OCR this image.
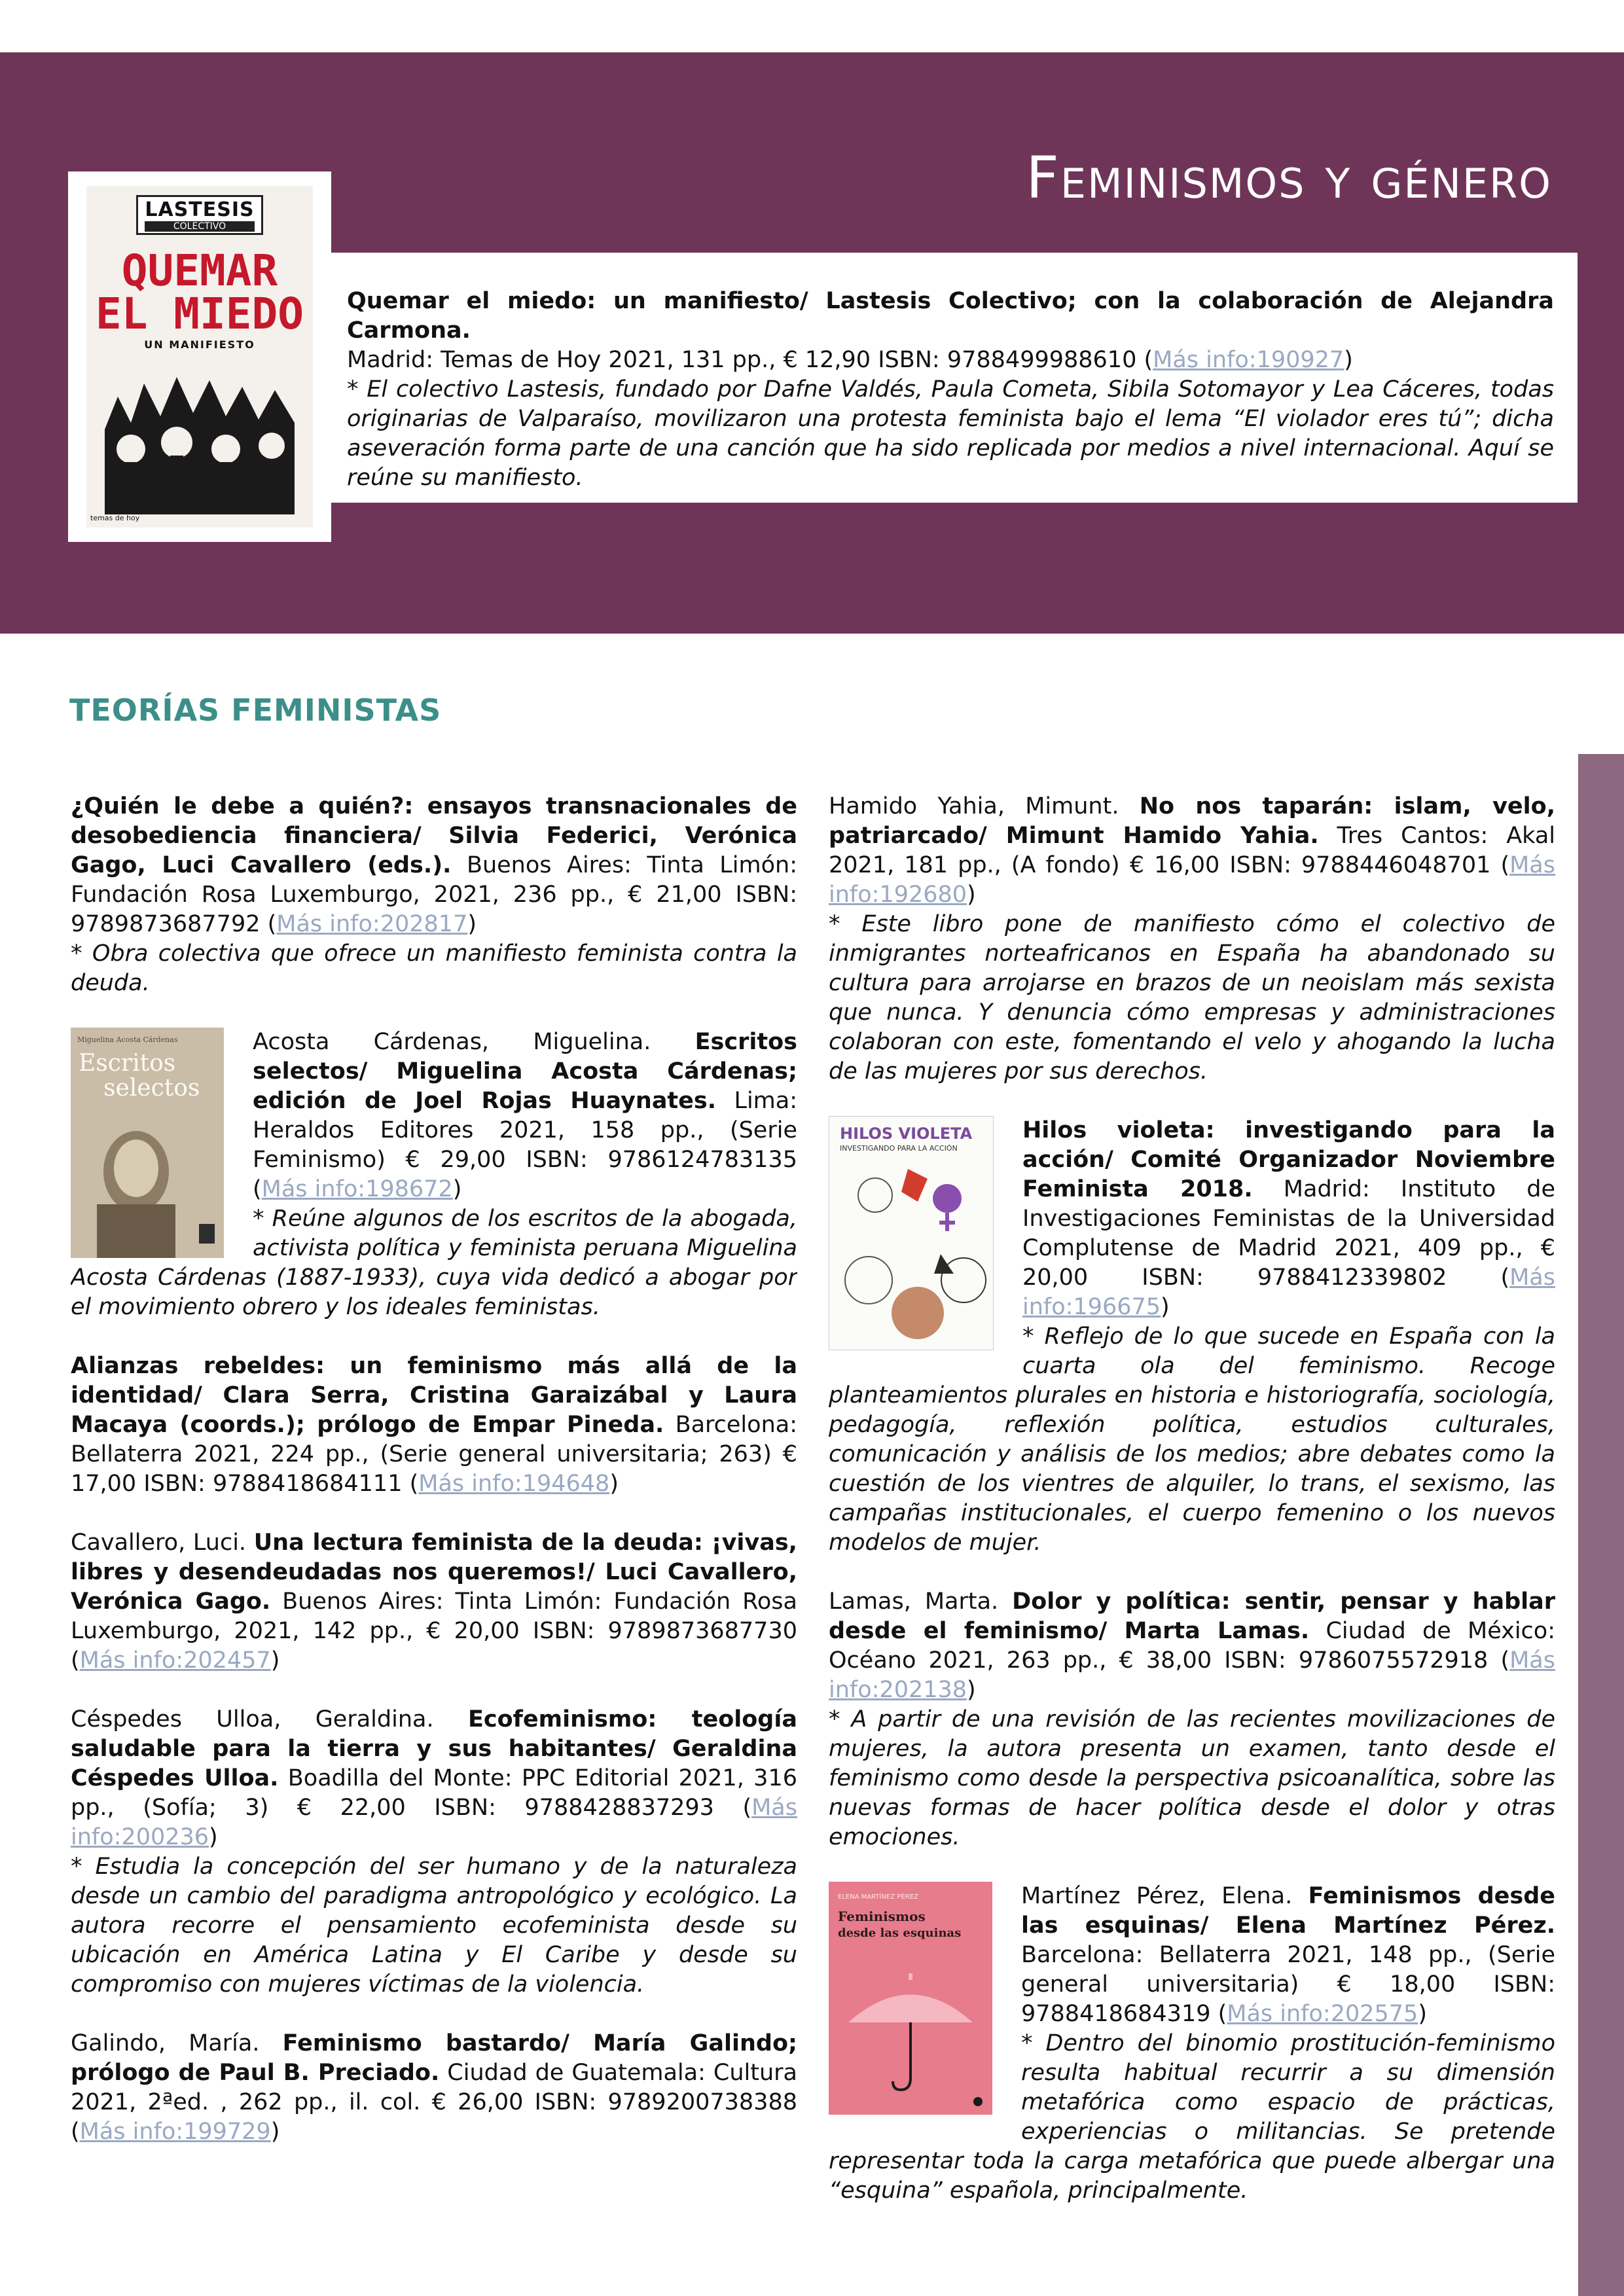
Feminismos y género
LASTESIS
COLECTIVO
QUEMAR
EL MIEDO
UN MANIFIESTO
temas de hoy

Quemar el miedo: un manifiesto/ Lastesis Colectivo; con la colaboración de Alejandra Carmona.
Madrid: Temas de Hoy 2021, 131 pp., € 12,90 ISBN: 9788499988610 (Más info:190927)

* El colectivo Lastesis, fundado por Dafne Valdés, Paula Cometa, Sibila Sotomayor y Lea Cáceres, todas originarias de Valparaíso, movilizaron una protesta feminista bajo el lema “El violador eres tú”; dicha aseveración forma parte de una canción que ha sido replicada por medios a nivel internacional. Aquí se reúne su manifiesto.

TEORÍAS FEMINISTAS

¿Quién le debe a quién?: ensayos transnacionales de desobediencia financiera/ Silvia Federici, Verónica Gago, Luci Cavallero (eds.). Buenos Aires: Tinta Limón: Fundación Rosa Luxemburgo, 2021, 236 pp., € 21,00 ISBN: 9789873687792 (Más info:202817)

* Obra colectiva que ofrece un manifiesto feminista contra la deuda.

Miguelina Acosta Cárdenas
Escritos
selectos

Acosta Cárdenas, Miguelina. Escritos selectos/ Miguelina Acosta Cárdenas; edición de Joel Rojas Huaynates. Lima: Heraldos Editores 2021, 158 pp., (Serie Feminismo) € 29,00 ISBN: 9786124783135 (Más info:198672)

* Reúne algunos de los escritos de la abogada, activista política y feminista peruana Miguelina Acosta Cárdenas (1887-1933), cuya vida dedicó a abogar por el movimiento obrero y los ideales feministas.

Alianzas rebeldes: un feminismo más allá de la identidad/ Clara Serra, Cristina Garaizábal y Laura Macaya (coords.); prólogo de Empar Pineda. Barcelona: Bellaterra 2021, 224 pp., (Serie general universitaria; 263) € 17,00 ISBN: 9788418684111 (Más info:194648)

Cavallero, Luci. Una lectura feminista de la deuda: ¡vivas, libres y desendeudadas nos queremos!/ Luci Cavallero, Verónica Gago. Buenos Aires: Tinta Limón: Fundación Rosa Luxemburgo, 2021, 142 pp., € 20,00 ISBN: 9789873687730 (Más info:202457)

Céspedes Ulloa, Geraldina. Ecofeminismo: teología saludable para la tierra y sus habitantes/ Geraldina Céspedes Ulloa. Boadilla del Monte: PPC Editorial 2021, 316 pp., (Sofía; 3) € 22,00 ISBN: 9788428837293 (Más info:200236)

* Estudia la concepción del ser humano y de la naturaleza desde un cambio del paradigma antropológico y ecológico. La autora recorre el pensamiento ecofeminista desde su ubicación en América Latina y El Caribe y desde su compromiso con mujeres víctimas de la violencia.

Galindo, María. Feminismo bastardo/ María Galindo; prólogo de Paul B. Preciado. Ciudad de Guatemala: Cultura 2021, 2ªed. , 262 pp., il. col. € 26,00 ISBN: 9789200738388 (Más info:199729)

Hamido Yahia, Mimunt. No nos taparán: islam, velo, patriarcado/ Mimunt Hamido Yahia. Tres Cantos: Akal 2021, 181 pp., (A fondo) € 16,00 ISBN: 9788446048701 (Más info:192680)

* Este libro pone de manifiesto cómo el colectivo de inmigrantes norteafricanos en España ha abandonado su cultura para arrojarse en brazos de un neoislam más sexista que nunca. Y denuncia cómo empresas y administraciones colaboran con este, fomentando el velo y ahogando la lucha de las mujeres por sus derechos.

HILOS VIOLETA
INVESTIGANDO PARA LA ACCIÓN

Hilos violeta: investigando para la acción/ Comité Organizador Noviembre Feminista 2018. Madrid: Instituto de Investigaciones Feministas de la Universidad Complutense de Madrid 2021, 409 pp., € 20,00 ISBN: 9788412339802 (Más info:196675)

* Reflejo de lo que sucede en España con la cuarta ola del feminismo. Recoge planteamientos plurales en historia e historiografía, sociología, pedagogía, reflexión política, estudios culturales, comunicación y análisis de los medios; abre debates como la cuestión de los vientres de alquiler, lo trans, el sexismo, las campañas institucionales, el cuerpo femenino o los nuevos modelos de mujer.

Lamas, Marta. Dolor y política: sentir, pensar y hablar desde el feminismo/ Marta Lamas. Ciudad de México: Océano 2021, 263 pp., € 38,00 ISBN: 9786075572918 (Más info:202138)

* A partir de una revisión de las recientes movilizaciones de mujeres, la autora presenta un examen, tanto desde el feminismo como desde la perspectiva psicoanalítica, sobre las nuevas formas de hacer política desde el dolor y otras emociones.

ELENA MARTÍNEZ PÉREZ
Feminismos
desde las esquinas

Martínez Pérez, Elena. Feminismos desde las esquinas/ Elena Martínez Pérez. Barcelona: Bellaterra 2021, 148 pp., (Serie general universitaria) € 18,00 ISBN: 9788418684319 (Más info:202575)

* Dentro del binomio prostitución-feminismo resulta habitual recurrir a su dimensión metafórica como espacio de prácticas, experiencias o militancias. Se pretende representar toda la carga metafórica que puede albergar una “esquina” española, principalmente.
